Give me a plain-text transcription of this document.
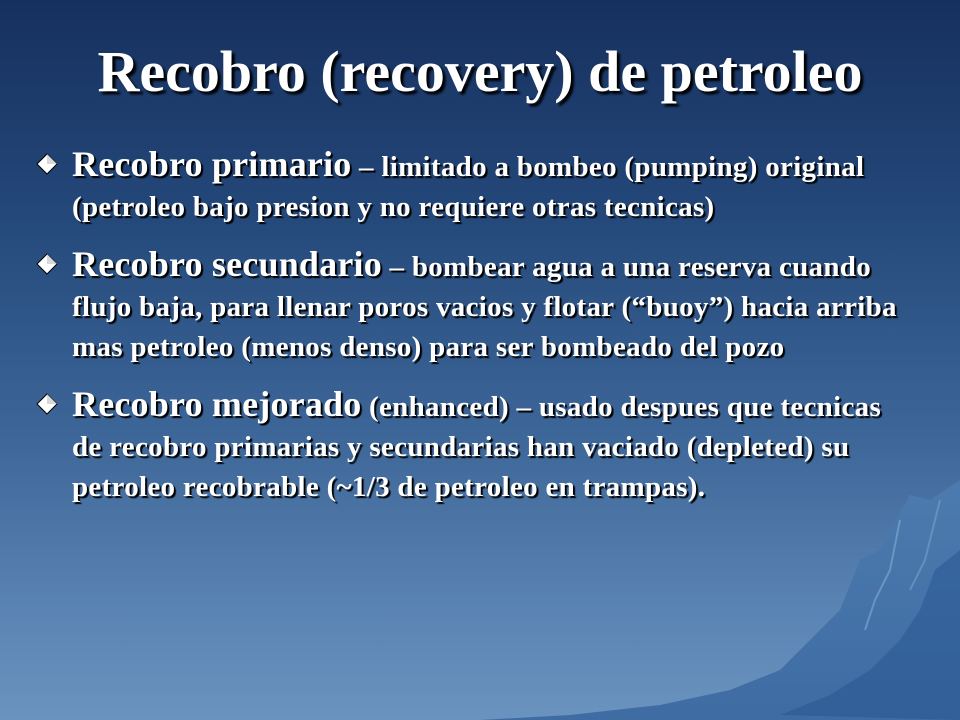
Recobro (recovery) de petroleo
Recobro primario – limitado a bombeo (pumping) original (petroleo bajo presion y no requiere otras tecnicas)
Recobro secundario – bombear agua a una reserva cuando flujo baja, para llenar poros vacios y flotar (“buoy”) hacia arriba mas petroleo (menos denso) para ser bombeado del pozo
Recobro mejorado (enhanced) – usado despues que tecnicas de recobro primarias y secundarias han vaciado (depleted) su petroleo recobrable (~1/3 de petroleo en trampas).
